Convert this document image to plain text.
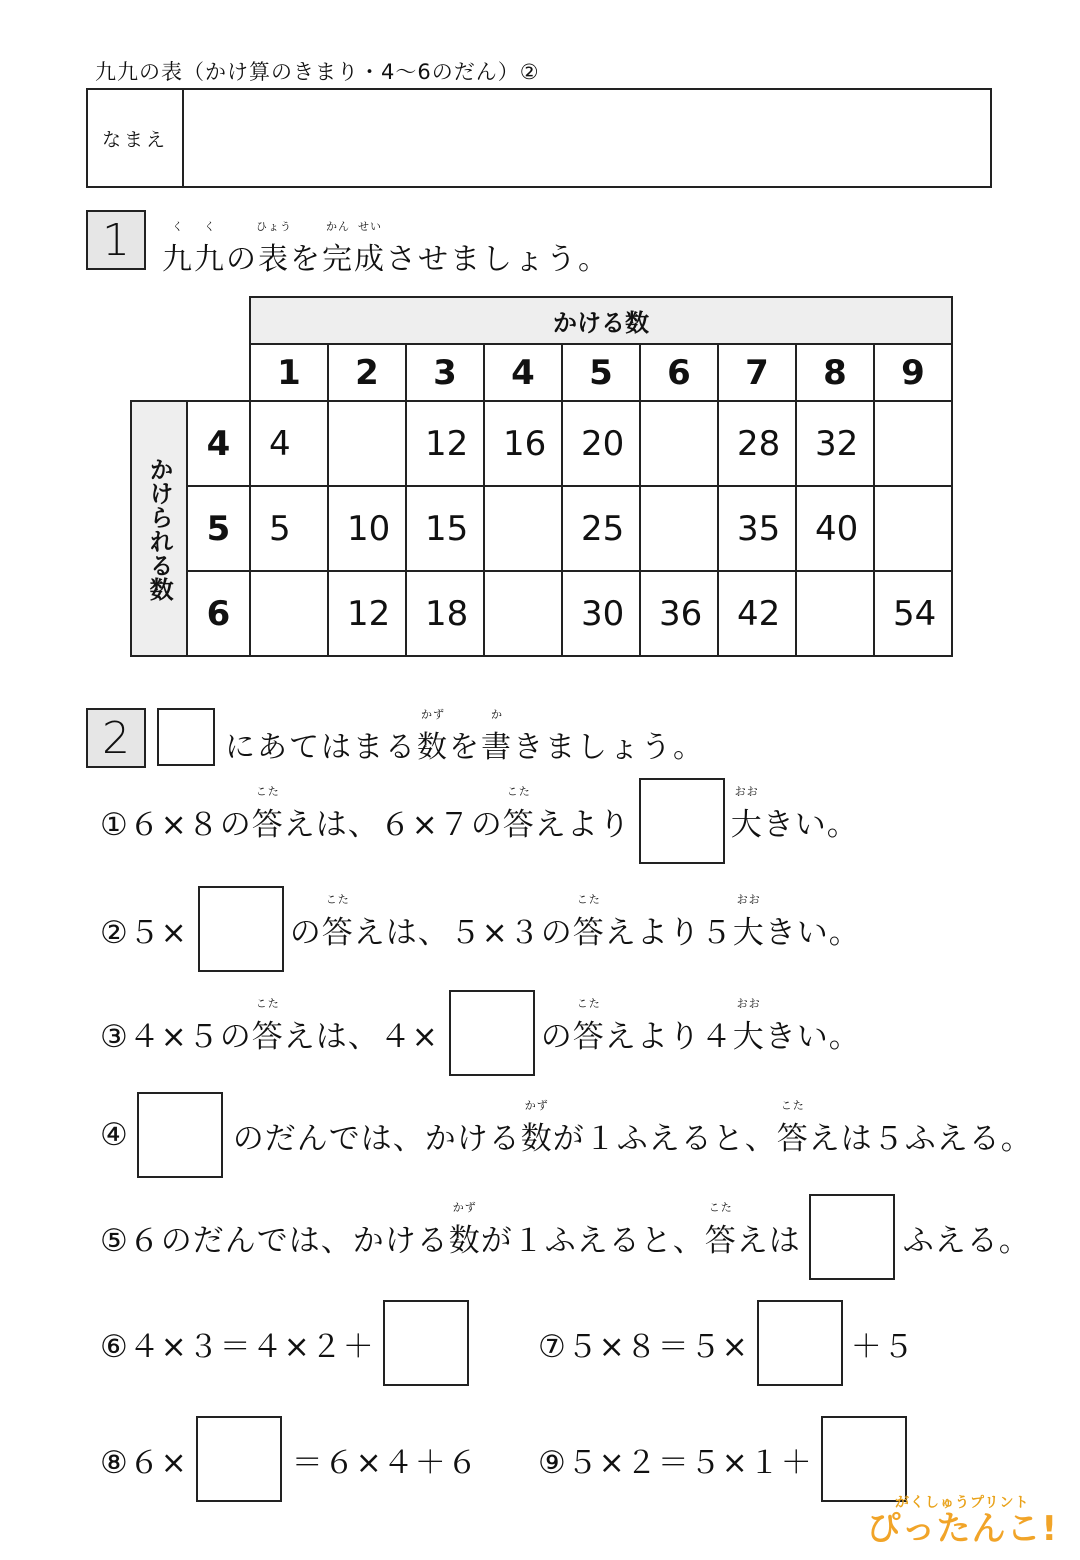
九九の表（かけ算のきまり・4〜6のだん）②
なまえ
1	く
九
く
九の
ひょう
表を
かん
完
せい
成させましょう。
		かける数								
		1	2	3	4	5	6	7	8	9
かけられる数	4	4		12	16	20		28	32	
	5	5	10	15		25		35	40	
	6		12	18		30	36	42		54
2	にあてはまる
かず
数を
か
書きましょう。
①６×８の
こた
答 えは、６×７の
こた
答 えより
おお
大 きい。
②５×	の
こた
答 えは、５×３の
こた
答 えより５
おお
大 きい。
③４×５の
こた
答 えは、４×	の
こた
答 えより４
おお
大 きい。
④	のだんでは、かける
かず
数 が１ふえると、
こた
答 えは５ふえる。
⑤６のだんでは、かける
かず
数 が１ふえると、
こた
答 えは	ふえる。
⑥４×３＝４×２＋	⑦５×８＝５×	＋５
⑧６×	＝６×４＋６ ⑨５×２＝５×１＋
がくしゅうプリント
ぴったんこ!
